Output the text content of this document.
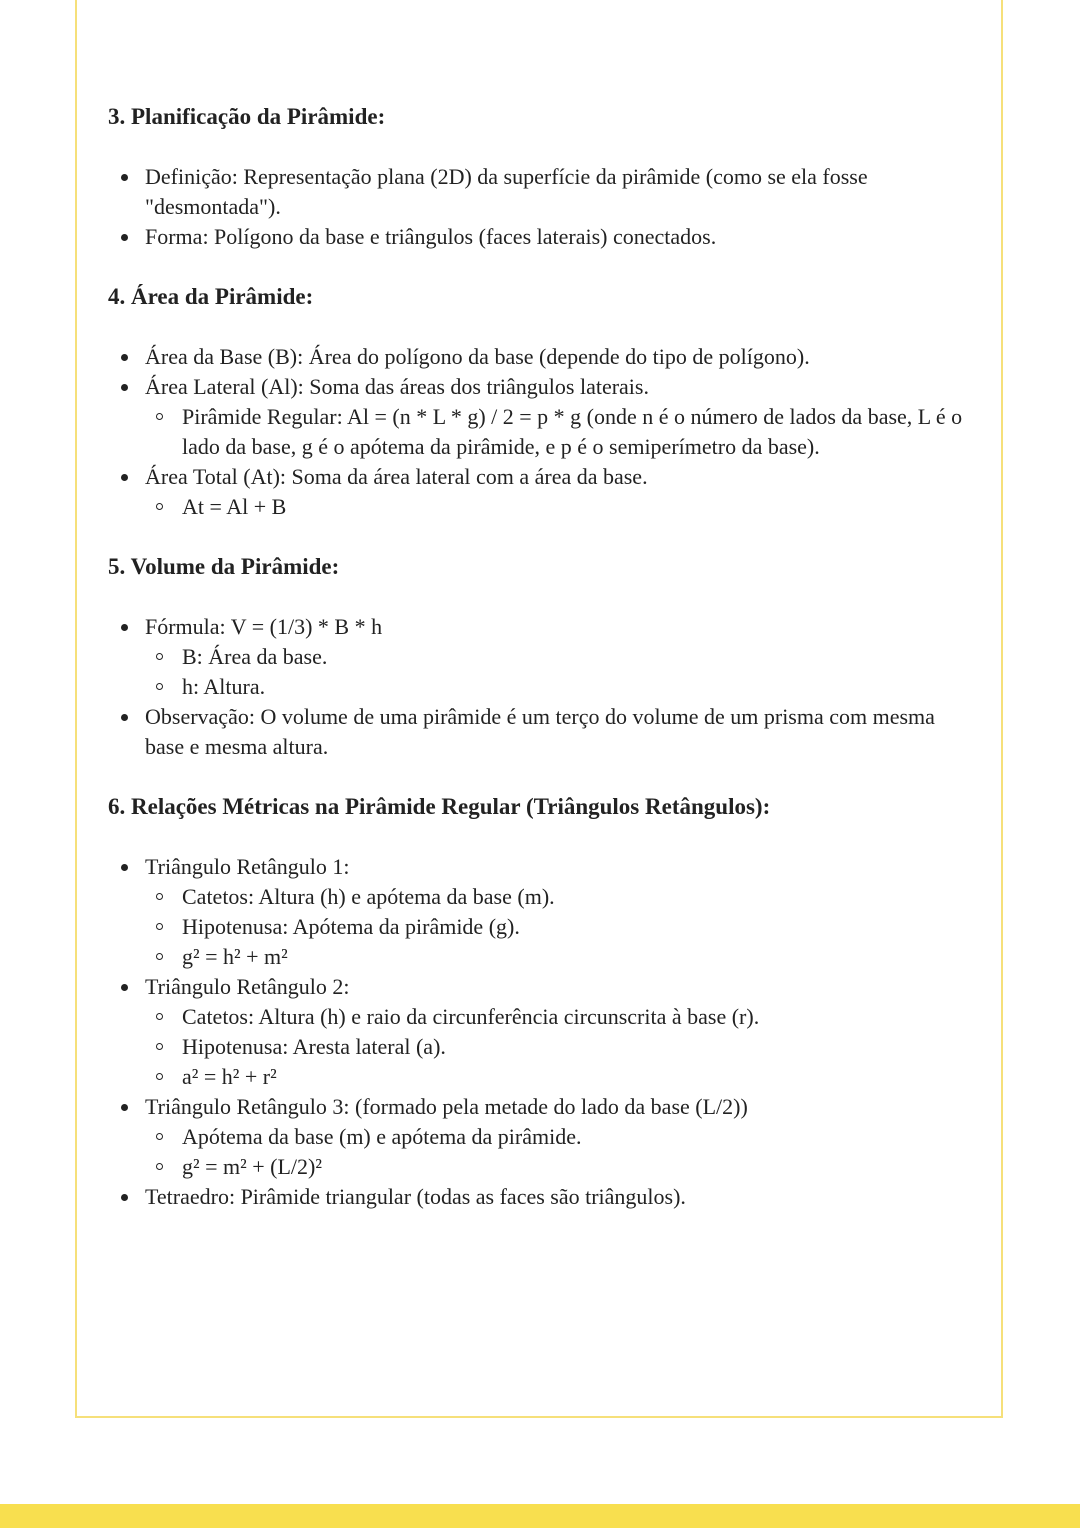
3. Planificação da Pirâmide:
Definição: Representação plana (2D) da superfície da pirâmide (como se ela fosse "desmontada").
Forma: Polígono da base e triângulos (faces laterais) conectados.
4. Área da Pirâmide:
Área da Base (B): Área do polígono da base (depende do tipo de polígono).
Área Lateral (Al): Soma das áreas dos triângulos laterais.
Pirâmide Regular: Al = (n * L * g) / 2 = p * g (onde n é o número de lados da base, L é o lado da base, g é o apótema da pirâmide, e p é o semiperímetro da base).
Área Total (At): Soma da área lateral com a área da base.
At = Al + B
5. Volume da Pirâmide:
Fórmula: V = (1/3) * B * h
B: Área da base.
h: Altura.
Observação: O volume de uma pirâmide é um terço do volume de um prisma com mesma base e mesma altura.
6. Relações Métricas na Pirâmide Regular (Triângulos Retângulos):
Triângulo Retângulo 1:
Catetos: Altura (h) e apótema da base (m).
Hipotenusa: Apótema da pirâmide (g).
g² = h² + m²
Triângulo Retângulo 2:
Catetos: Altura (h) e raio da circunferência circunscrita à base (r).
Hipotenusa: Aresta lateral (a).
a² = h² + r²
Triângulo Retângulo 3: (formado pela metade do lado da base (L/2))
Apótema da base (m) e apótema da pirâmide.
g² = m² + (L/2)²
Tetraedro: Pirâmide triangular (todas as faces são triângulos).
